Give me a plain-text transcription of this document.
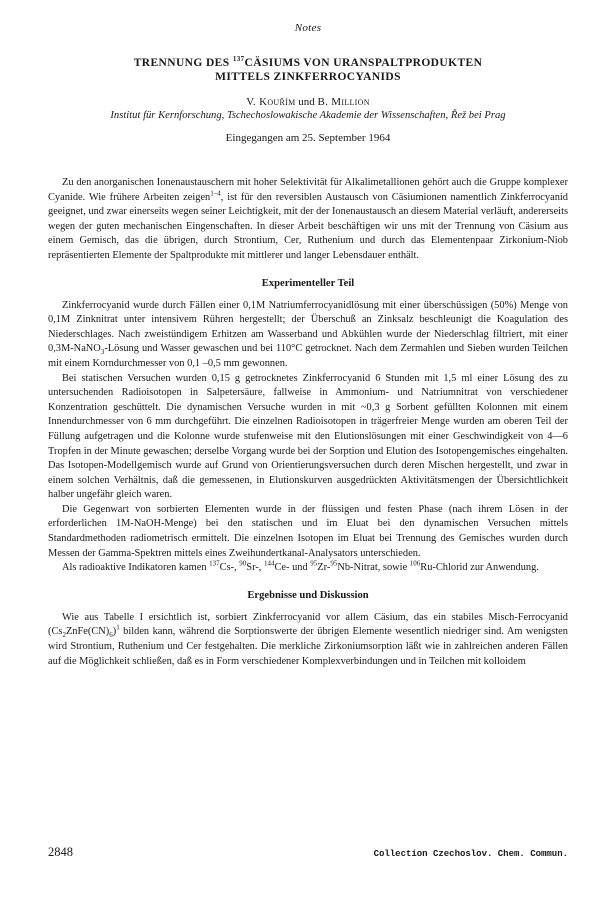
Notes
TRENNUNG DES $^{137}$CÄSIUMS VON URANSPALTPRODUKTEN
MITTELS ZINKFERROCYANIDS
V. Kouřím und B. Million
Institut für Kernforschung, Tschechoslowakische Akademie der Wissenschaften, Řež bei Prag
Eingegangen am 25. September 1964

Zu den anorganischen Ionenaustauschern mit hoher Selektivität für Alkalimetallionen gehört auch die Gruppe komplexer Cyanide. Wie frühere Arbeiten zeigen$^{1-4}$, ist für den reversiblen Austausch von Cäsiumionen namentlich Zinkferrocyanid geeignet, und zwar einerseits wegen seiner Leichtigkeit, mit der der Ionenaustausch an diesem Material verläuft, andererseits wegen der guten mechanischen Eingenschaften. In dieser Arbeit beschäftigen wir uns mit der Trennung von Cäsium aus einem Gemisch, das die übrigen, durch Strontium, Cer, Ruthenium und durch das Elementenpaar Zirkonium-Niob repräsentierten Elemente der Spaltprodukte mit mittlerer und langer Lebensdauer enthält.

Experimenteller Teil

Zinkferrocyanid wurde durch Fällen einer 0,1M Natriumferrocyanidlösung mit einer überschüssigen (50%) Menge von 0,1M Zinknitrat unter intensivem Rühren hergestellt; der Überschuß an Zinksalz beschleunigt die Koagulation des Niederschlages. Nach zweistündigem Erhitzen am Wasserband und Abkühlen wurde der Niederschlag filtriert, mit einer 0,3M-NaNO$_3$-Lösung und Wasser gewaschen und bei 110°C getrocknet. Nach dem Zermahlen und Sieben wurden Teilchen mit einem Korndurchmesser von 0,1 –0,5 mm gewonnen.

Bei statischen Versuchen wurden 0,15 g getrocknetes Zinkferrocyanid 6 Stunden mit 1,5 ml einer Lösung des zu untersuchenden Radioisotopen in Salpetersäure, fallweise in Ammonium- und Natriumnitrat von verschiedener Konzentration geschüttelt. Die dynamischen Versuche wurden in mit ~0,3 g Sorbent gefüllten Kolonnen mit einem Innendurchmesser von 6 mm durchgeführt. Die einzelnen Radioisotopen in trägerfreier Menge wurden am oberen Teil der Füllung aufgetragen und die Kolonne wurde stufenweise mit den Elutionslösungen mit einer Geschwindigkeit von 4—6 Tropfen in der Minute gewaschen; derselbe Vorgang wurde bei der Sorption und Elution des Isotopengemisches eingehalten. Das Isotopen-Modellgemisch wurde auf Grund von Orientierungsversuchen durch deren Mischen hergestellt, und zwar in einem solchen Verhältnis, daß die gemessenen, in Elutionskurven ausgedrückten Aktivitätsmengen der Übersichtlichkeit halber ungefähr gleich waren.

Die Gegenwart von sorbierten Elementen wurde in der flüssigen und festen Phase (nach ihrem Lösen in der erforderlichen 1M-NaOH-Menge) bei den statischen und im Eluat bei den dynamischen Versuchen mittels Standardmethoden radiometrisch ermittelt. Die einzelnen Isotopen im Eluat bei Trennung des Gemisches wurden durch Messen der Gamma-Spektren mittels eines Zweihundertkanal-Analysators unterschieden.

Als radioaktive Indikatoren kamen $^{137}$Cs-, $^{90}$Sr-, $^{144}$Ce- und $^{95}$Zr-$^{95}$Nb-Nitrat, sowie $^{106}$Ru-Chlorid zur Anwendung.

Ergebnisse und Diskussion

Wie aus Tabelle I ersichtlich ist, sorbiert Zinkferrocyanid vor allem Cäsium, das ein stabiles Misch-Ferrocyanid $(Cs_2ZnFe(CN)_6)^1$ bilden kann, während die Sorptionswerte der übrigen Elemente wesentlich niedriger sind. Am wenigsten wird Strontium, Ruthenium und Cer festgehalten. Die merkliche Zirkoniumsorption läßt wie in zahlreichen anderen Fällen auf die Möglichkeit schließen, daß es in Form verschiedener Komplexverbindungen und in Teilchen mit kolloidem

2848	Collection Czechoslov. Chem. Commun.
